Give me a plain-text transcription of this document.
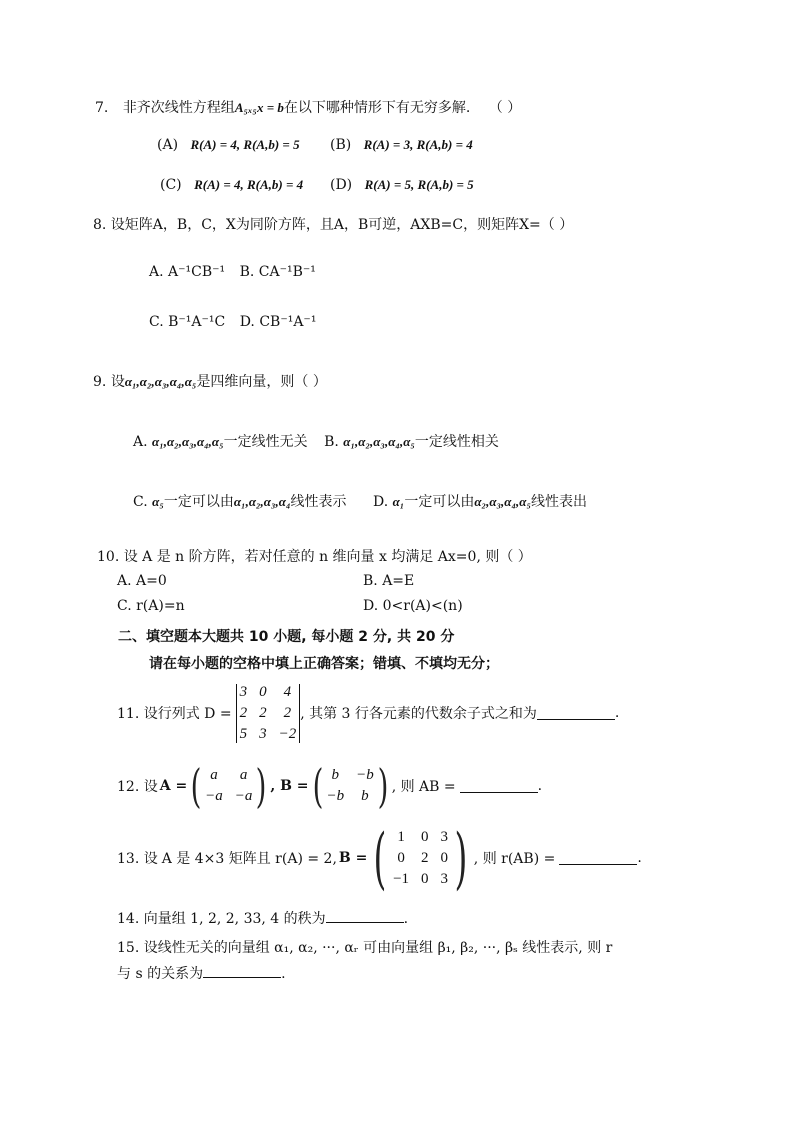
7. 非齐次线性方程组A₅ₓ₅x = b在以下哪种情形下有无穷多解. （ ）
(A) R(A) = 4, R(A,b) = 5 (B) R(A) = 3, R(A,b) = 4
(C) R(A) = 4, R(A,b) = 4 (D) R(A) = 5, R(A,b) = 5
8. 设矩阵A，B，C，X为同阶方阵，且A，B可逆，AXB=C，则矩阵X=（ ）
A. A⁻¹CB⁻¹ B. CA⁻¹B⁻¹
C. B⁻¹A⁻¹C D. CB⁻¹A⁻¹
9. 设α₁,α₂,α₃,α₄,α₅是四维向量，则（ ）
A. α₁,α₂,α₃,α₄,α₅一定线性无关 B. α₁,α₂,α₃,α₄,α₅一定线性相关
C. α₅一定可以由α₁,α₂,α₃,α₄线性表示 D. α₁一定可以由α₂,α₃,α₄,α₅线性表出
10. 设 A 是 n 阶方阵，若对任意的 n 维向量 x 均满足 Ax=0, 则（ ）
A. A=0	B. A=E
C. r(A)=n	D. 0<r(A)<(n)
二、填空题本大题共 10 小题, 每小题 2 分, 共 20 分
请在每小题的空格中填上正确答案；错填、不填均无分；
11. 设行列式 D =
3 0	4
2 2	2
5 3 −2
, 其第 3 行各元素的代数余子式之和为	.
12. 设 A = ( a	a
−a −a ) , B = ( b	−b
−b	b ) , 则 AB =	.
13. 设 A 是 4×3 矩阵且 r(A) = 2, B = ( 1 0 3
0 2 0
−1 0 3 ) , 则 r(AB) =	.
14. 向量组 1, 2, 2, 33, 4 的秩为	.
15. 设线性无关的向量组 α₁, α₂, ···, αᵣ 可由向量组 β₁, β₂, ···, βₛ 线性表示, 则 r
与 s 的关系为	.
